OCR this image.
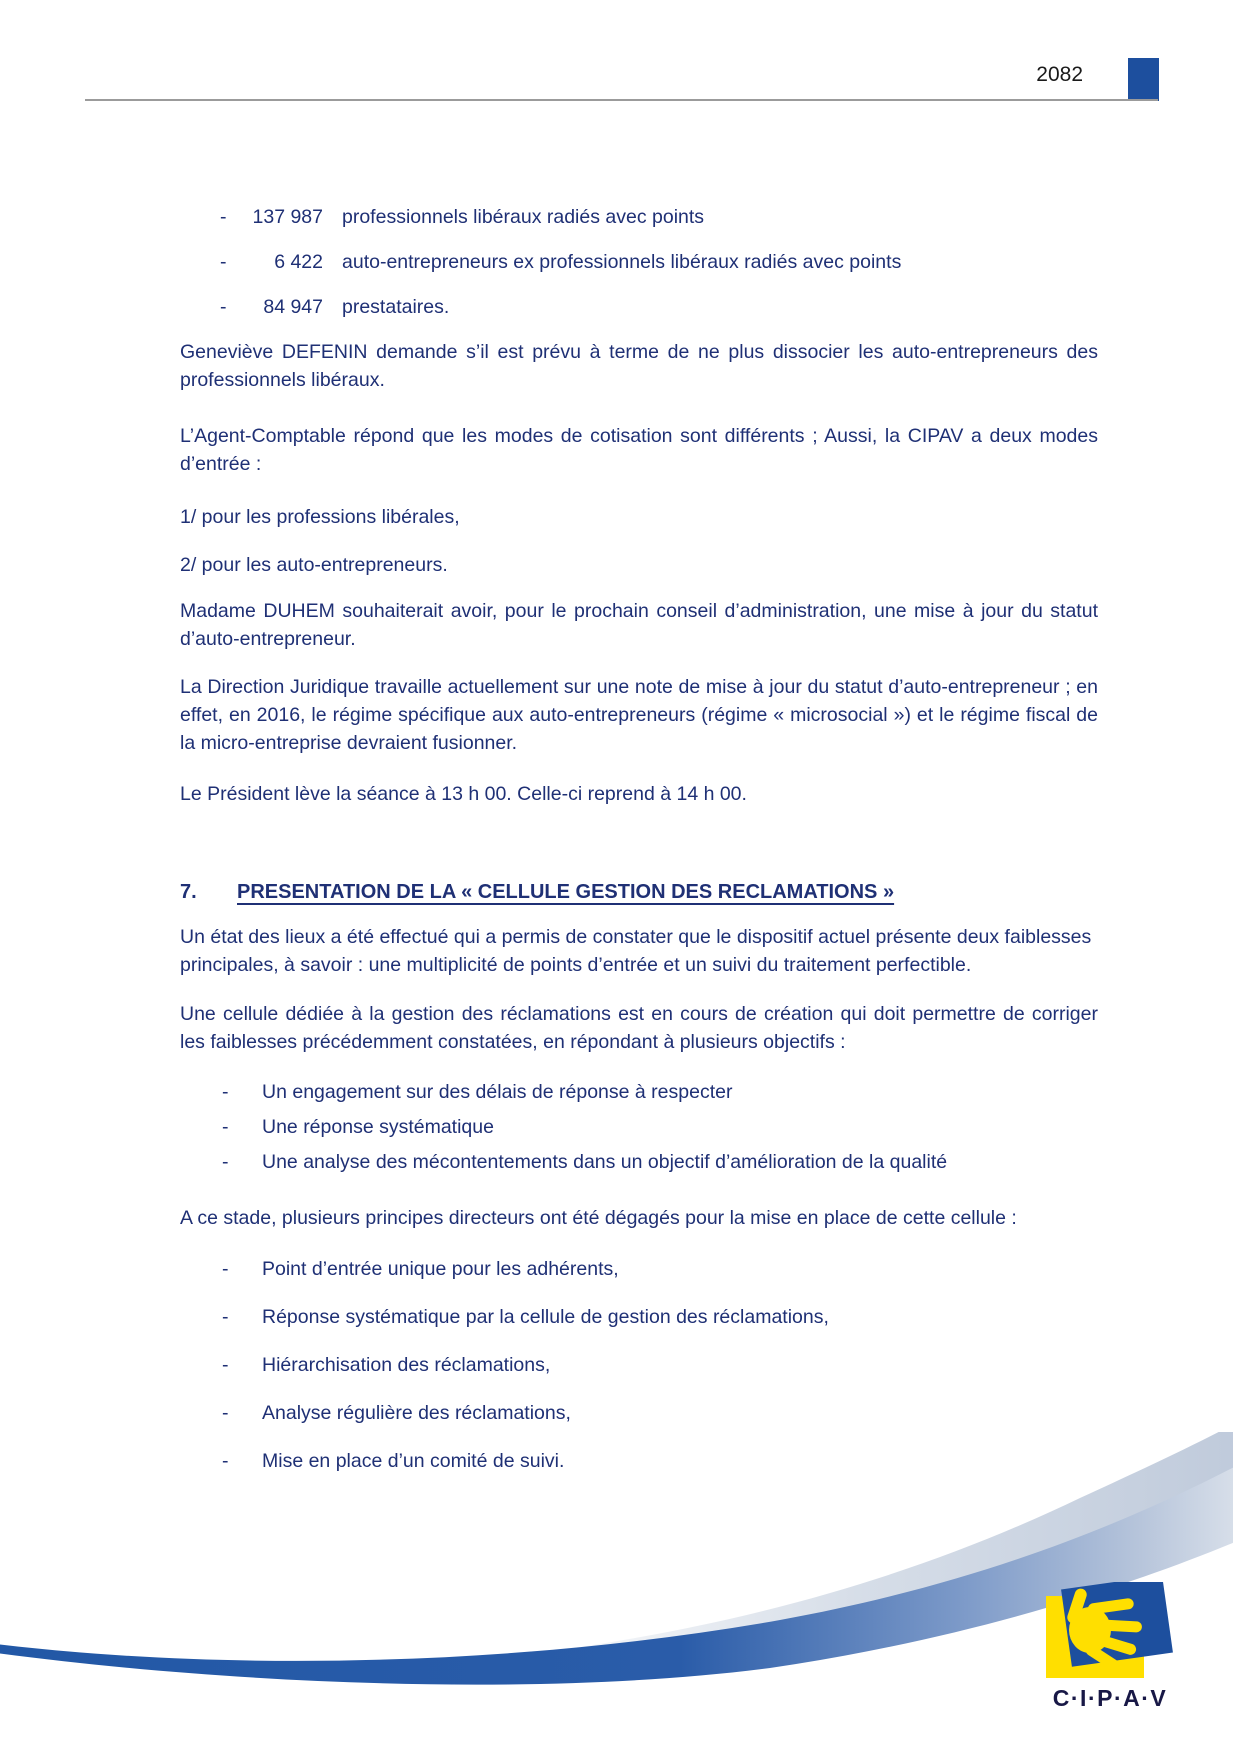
2082
-	137 987 professionnels libéraux radiés avec points
-	6 422 auto-entrepreneurs ex professionnels libéraux radiés avec points
-	84 947 prestataires.

Geneviève DEFENIN demande s’il est prévu à terme de ne plus dissocier les auto-entrepreneurs des professionnels libéraux.

L’Agent-Comptable répond que les modes de cotisation sont différents ; Aussi, la CIPAV a deux modes d’entrée :

1/ pour les professions libérales,

2/ pour les auto-entrepreneurs.

Madame DUHEM souhaiterait avoir, pour le prochain conseil d’administration, une mise à jour du statut d’auto-entrepreneur.

La Direction Juridique travaille actuellement sur une note de mise à jour du statut d’auto-entrepreneur ; en effet, en 2016, le régime spécifique aux auto-entrepreneurs (régime « microsocial ») et le régime fiscal de la micro-entreprise devraient fusionner.

Le Président lève la séance à 13 h 00. Celle-ci reprend à 14 h 00.

7.	PRESENTATION DE LA « CELLULE GESTION DES RECLAMATIONS »

Un état des lieux a été effectué qui a permis de constater que le dispositif actuel présente deux faiblesses principales, à savoir : une multiplicité de points d’entrée et un suivi du traitement perfectible.

Une cellule dédiée à la gestion des réclamations est en cours de création qui doit permettre de corriger les faiblesses précédemment constatées, en répondant à plusieurs objectifs :

-	Un engagement sur des délais de réponse à respecter
-	Une réponse systématique
-	Une analyse des mécontentements dans un objectif d’amélioration de la qualité

A ce stade, plusieurs principes directeurs ont été dégagés pour la mise en place de cette cellule :

-	Point d’entrée unique pour les adhérents,
-	Réponse systématique par la cellule de gestion des réclamations,
-	Hiérarchisation des réclamations,
-	Analyse régulière des réclamations,
-	Mise en place d’un comité de suivi.
C·I·P·A·V
